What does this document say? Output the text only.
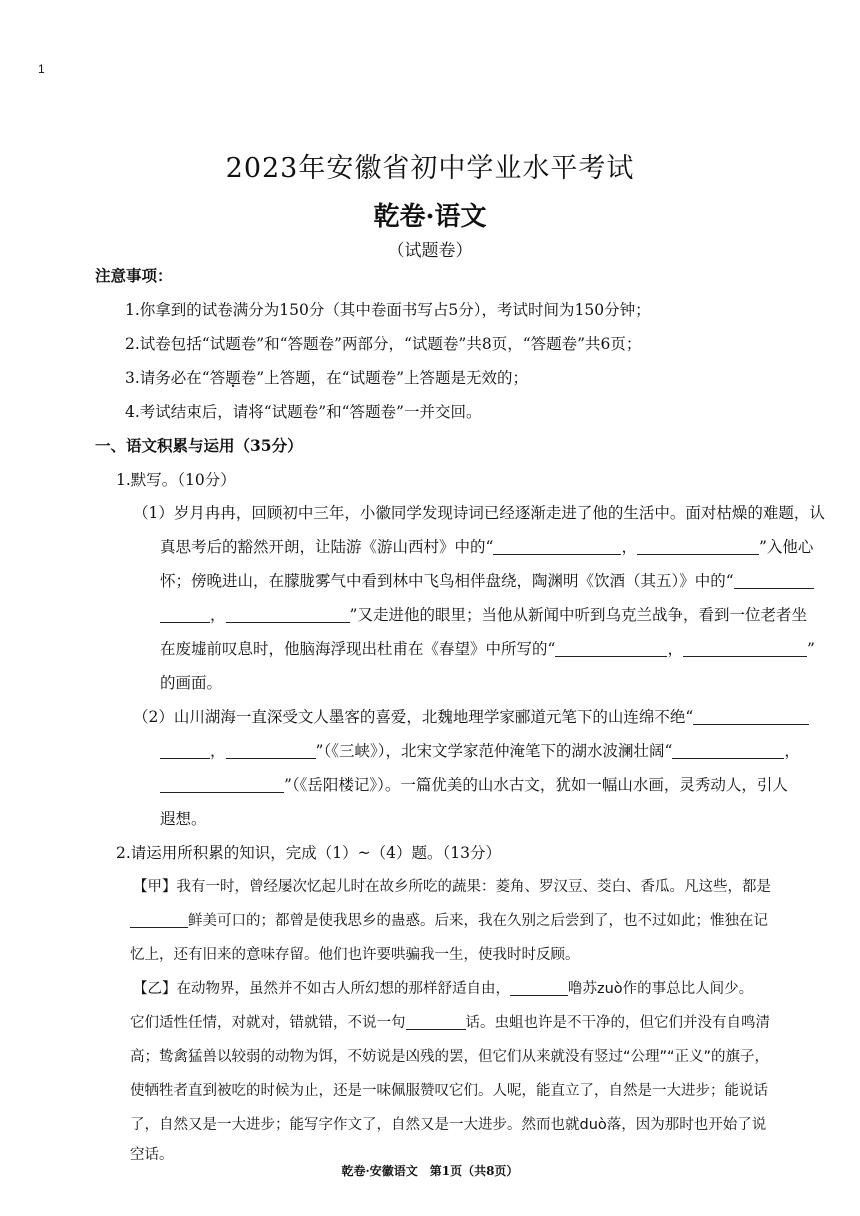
1
2023年安徽省初中学业水平考试
乾卷·语文
（试题卷）
注意事项：
1.你拿到的试卷满分为150分（其中卷面书写占5分），考试时间为150分钟；
2.试卷包括“试题卷”和“答题卷”两部分，“试题卷”共8页，“答题卷”共6页；
3.请务必在“答题卷”上答题，在“试题卷”上答题是无效的；
4.考试结束后，请将“试题卷”和“答题卷”一并交回。
一、语文积累与运用（35分）
1.默写。（10分）
（1）岁月冉冉，回顾初中三年，小徽同学发现诗词已经逐渐走进了他的生活中。面对枯燥的难题，认
真思考后的豁然开朗，让陆游《游山西村》中的“	，	”入他心
怀；傍晚进山，在朦胧雾气中看到林中飞鸟相伴盘绕，陶渊明《饮酒（其五）》中的“
，	”又走进他的眼里；当他从新闻中听到乌克兰战争，看到一位老者坐
在废墟前叹息时，他脑海浮现出杜甫在《春望》中所写的“	，	”
的画面。
（2）山川湖海一直深受文人墨客的喜爱，北魏地理学家郦道元笔下的山连绵不绝“
，	”（《三峡》），北宋文学家范仲淹笔下的湖水波澜壮阔“	，
”（《岳阳楼记》）。一篇优美的山水古文，犹如一幅山水画，灵秀动人，引人
遐想。
2.请运用所积累的知识，完成（1）~（4）题。（13分）
【甲】我有一时，曾经屡次忆起儿时在故乡所吃的蔬果：菱角、罗汉豆、茭白、香瓜。凡这些，都是
鲜美可口的；都曾是使我思乡的蛊惑。后来，我在久别之后尝到了，也不过如此；惟独在记
忆上，还有旧来的意味存留。他们也许要哄骗我一生，使我时时反顾。
【乙】在动物界，虽然并不如古人所幻想的那样舒适自由，	噜苏zuò作的事总比人间少。
它们适性任情，对就对，错就错，不说一句	话。虫蛆也许是不干净的，但它们并没有自鸣清
高；鸷禽猛兽以较弱的动物为饵，不妨说是凶残的罢，但它们从来就没有竖过“公理”“正义”的旗子，
使牺牲者直到被吃的时候为止，还是一味佩服赞叹它们。人呢，能直立了，自然是一大进步；能说话
了，自然又是一大进步；能写字作文了，自然又是一大进步。然而也就duò落，因为那时也开始了说
空话。
乾卷·安徽语文　第1页（共8页）
